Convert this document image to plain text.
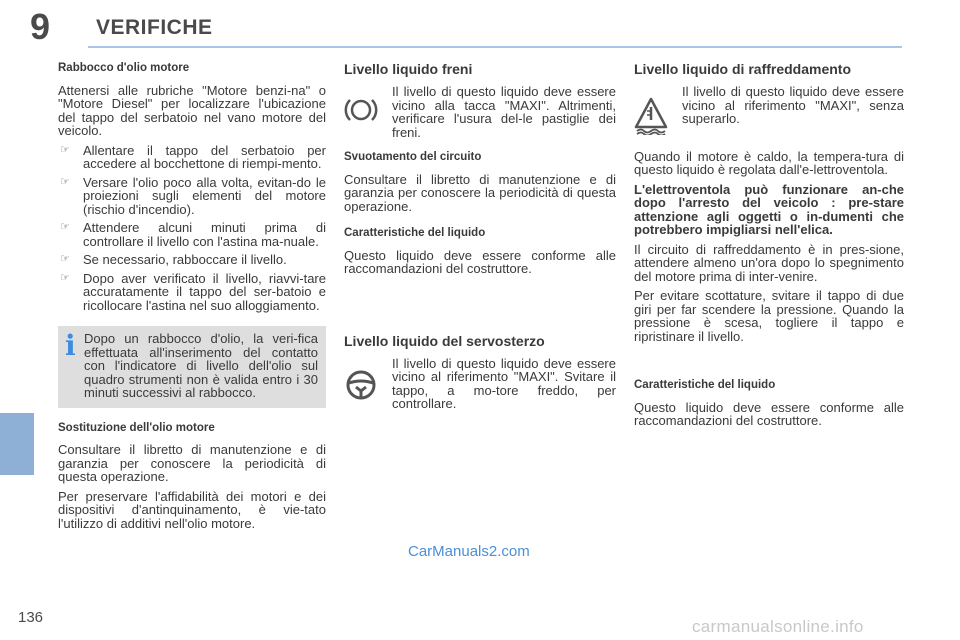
9 VERIFICHE
Rabbocco d'olio motore

Attenersi alle rubriche "Motore benzi-na" o "Motore Diesel" per localizzare l'ubicazione del tappo del serbatoio nel vano motore del veicolo.

☞ Allentare il tappo del serbatoio per accedere al bocchettone di riempi-mento.
☞ Versare l'olio poco alla volta, evitan-do le proiezioni sugli elementi del motore (rischio d'incendio).
☞ Attendere alcuni minuti prima di controllare il livello con l'astina ma-nuale.
☞ Se necessario, rabboccare il livello.
☞ Dopo aver verificato il livello, riavvi-tare accuratamente il tappo del ser-batoio e ricollocare l'astina nel suo alloggiamento.
i Dopo un rabbocco d'olio, la veri-fica effettuata all'inserimento del contatto con l'indicatore di livello dell'olio sul quadro strumenti non è valida entro i 30 minuti successivi al rabbocco.
Sostituzione dell'olio motore

Consultare il libretto di manutenzione e di garanzia per conoscere la periodicità di questa operazione.

Per preservare l'affidabilità dei motori e dei dispositivi d'antinquinamento, è vie-tato l'utilizzo di additivi nell'olio motore.

Livello liquido freni
Il livello di questo liquido deve essere vicino alla tacca "MAXI". Altrimenti, verificare l'usura del-le pastiglie dei freni.
Svuotamento del circuito

Consultare il libretto di manutenzione e di garanzia per conoscere la periodicità di questa operazione.

Caratteristiche del liquido

Questo liquido deve essere conforme alle raccomandazioni del costruttore.

Livello liquido del servosterzo
Il livello di questo liquido deve essere vicino al riferimento "MAXI". Svitare il tappo, a mo-tore freddo, per controllare.
Livello liquido di raffreddamento
Il livello di questo liquido deve essere vicino al riferimento "MAXI", senza superarlo.

Quando il motore è caldo, la tempera-tura di questo liquido è regolata dall'e-lettroventola.

L'elettroventola può funzionare an-che dopo l'arresto del veicolo : pre-stare attenzione agli oggetti o in-dumenti che potrebbero impigliarsi nell'elica.

Il circuito di raffreddamento è in pres-sione, attendere almeno un'ora dopo lo spegnimento del motore prima di inter-venire.

Per evitare scottature, svitare il tappo di due giri per far scendere la pressione. Quando la pressione è scesa, togliere il tappo e ripristinare il livello.

Caratteristiche del liquido

Questo liquido deve essere conforme alle raccomandazioni del costruttore.

136
CarManuals2.com
carmanualsonline.info
